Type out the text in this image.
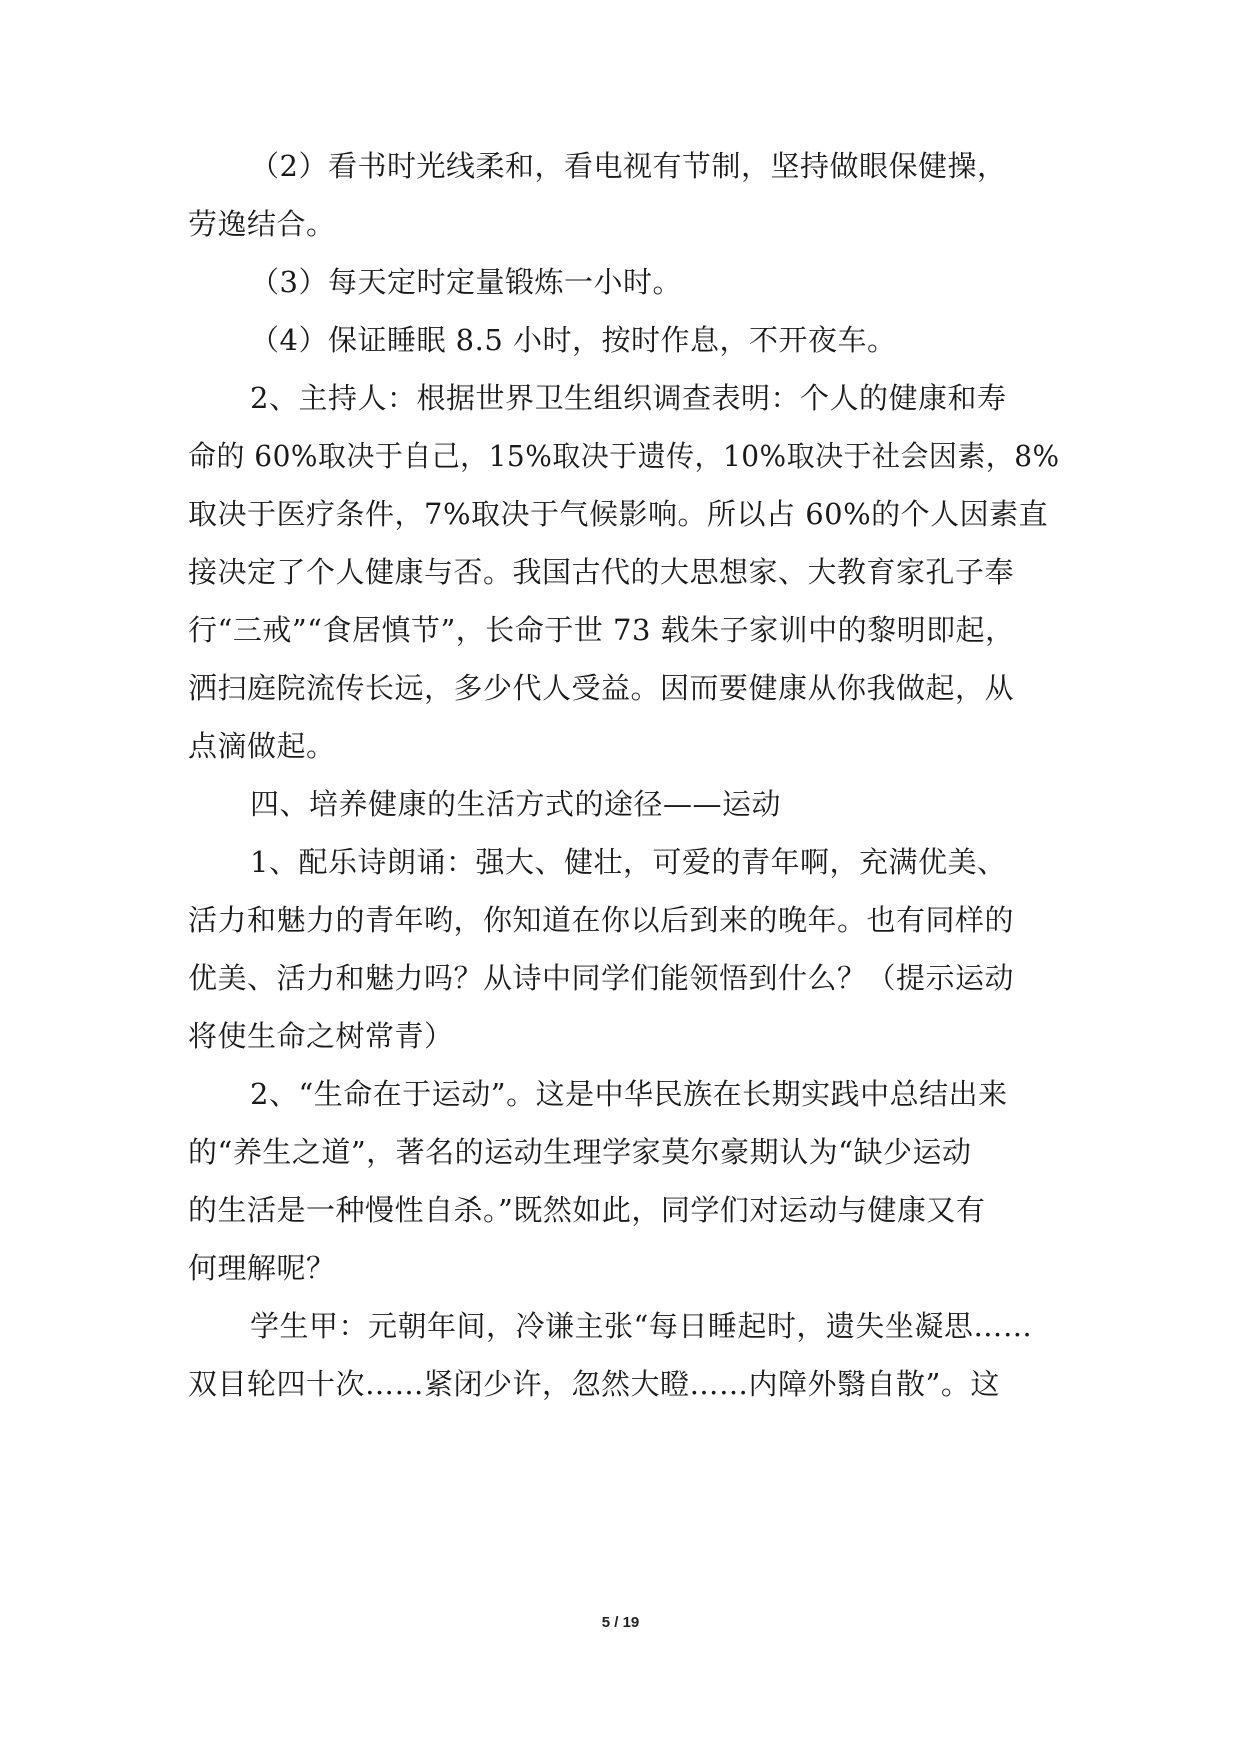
（2）看书时光线柔和，看电视有节制，坚持做眼保健操，
劳逸结合。
（3）每天定时定量锻炼一小时。
（4）保证睡眠 8.5 小时，按时作息，不开夜车。
2、主持人：根据世界卫生组织调查表明：个人的健康和寿
命的 60%取决于自己，15%取决于遗传，10%取决于社会因素，8%
取决于医疗条件，7%取决于气候影响。所以占 60%的个人因素直
接决定了个人健康与否。我国古代的大思想家、大教育家孔子奉
行“三戒”“食居慎节”，长命于世 73 载朱子家训中的黎明即起，
洒扫庭院流传长远，多少代人受益。因而要健康从你我做起，从
点滴做起。
四、培养健康的生活方式的途径——运动
1、配乐诗朗诵：强大、健壮，可爱的青年啊，充满优美、
活力和魅力的青年哟，你知道在你以后到来的晚年。也有同样的
优美、活力和魅力吗？从诗中同学们能领悟到什么？（提示运动
将使生命之树常青）
2、“生命在于运动”。这是中华民族在长期实践中总结出来
的“养生之道”，著名的运动生理学家莫尔豪期认为“缺少运动
的生活是一种慢性自杀。”既然如此，同学们对运动与健康又有
何理解呢？
学生甲：元朝年间，冷谦主张“每日睡起时，遗失坐凝思……
双目轮四十次……紧闭少许，忽然大瞪……内障外翳自散”。这
5 / 19
